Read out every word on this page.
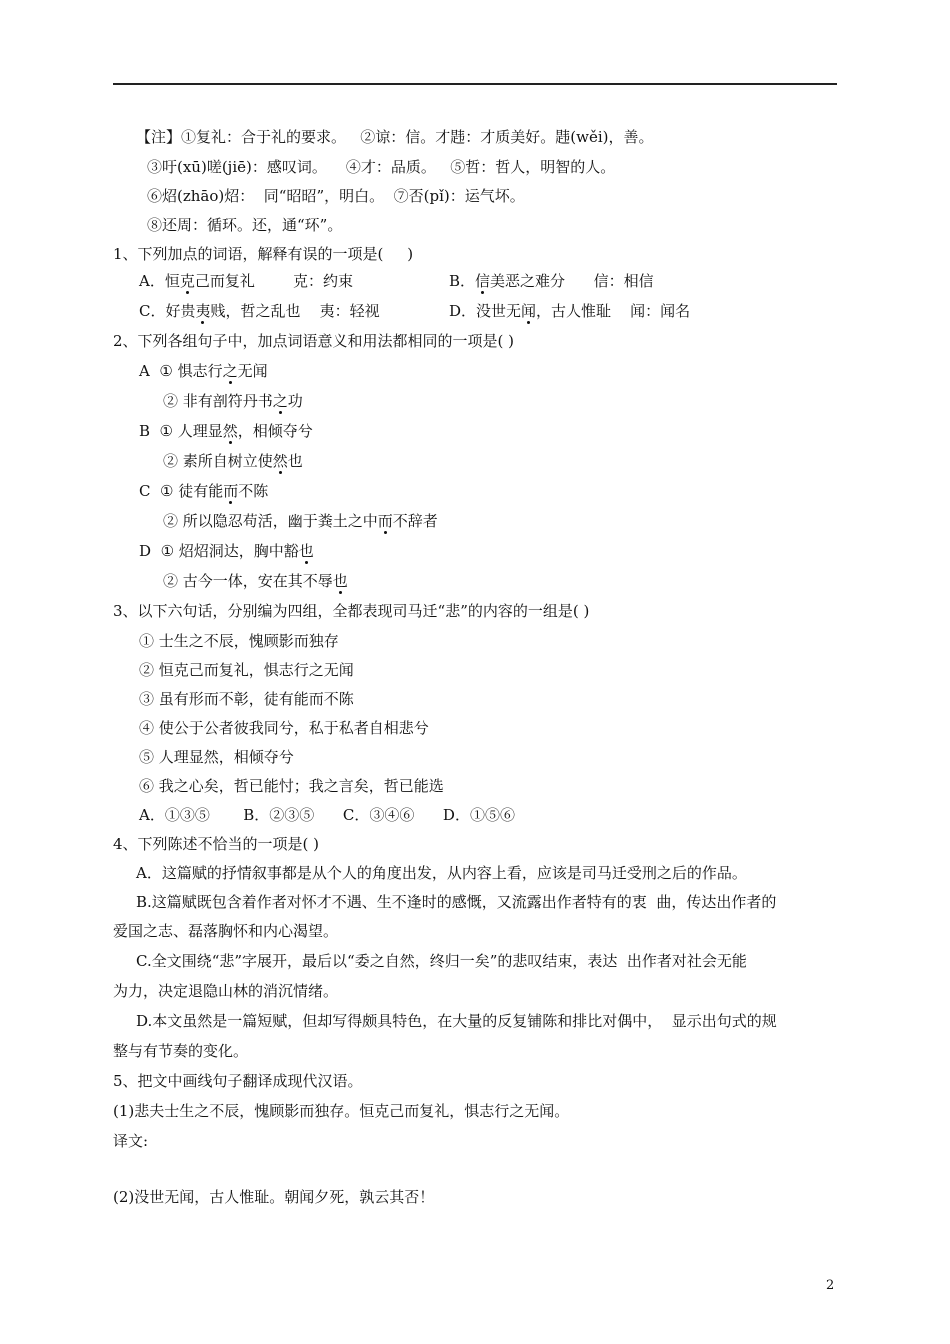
【注】①复礼：合于礼的要求。   ②谅：信。才韪：才质美好。韪(wěi)，善。
③吁(xū)嗟(jiē)：感叹词。    ④才：品质。   ⑤哲：哲人，明智的人。
⑥炤(zhāo)炤：  同“昭昭”，明白。  ⑦否(pǐ)：运气坏。
⑧还周：循环。还，通“环”。
1、下列加点的词语，解释有误的一项是(     )
A．恒克己而复礼        克：约束	B．信美恶之难分      信：相信
C．好贵夷贱，哲之乱也    夷：轻视	D．没世无闻，古人惟耻    闻：闻名
2、下列各组句子中，加点词语意义和用法都相同的一项是( )
A  ① 惧志行之无闻
② 非有剖符丹书之功
B  ① 人理显然，相倾夺兮
② 素所自树立使然也
C  ① 徒有能而不陈
② 所以隐忍苟活，幽于粪土之中而不辞者
D  ① 炤炤洞达，胸中豁也
② 古今一体，安在其不辱也
3、以下六句话，分别编为四组，全都表现司马迁“悲”的内容的一组是( )
① 士生之不辰，愧顾影而独存
② 恒克己而复礼，惧志行之无闻
③ 虽有形而不彰，徒有能而不陈
④ 使公于公者彼我同兮，私于私者自相悲兮
⑤ 人理显然，相倾夺兮
⑥ 我之心矣，哲已能忖；我之言矣，哲已能选
A．①③⑤       B．②③⑤      C．③④⑥      D．①⑤⑥
4、下列陈述不恰当的一项是( )
A．这篇赋的抒情叙事都是从个人的角度出发，从内容上看，应该是司马迁受刑之后的作品。
B.这篇赋既包含着作者对怀才不遇、生不逢时的感慨，又流露出作者特有的衷  曲，传达出作者的
爱国之志、磊落胸怀和内心渴望。
C.全文围绕“悲”字展开，最后以“委之自然，终归一矣”的悲叹结束，表达  出作者对社会无能
为力，决定退隐山林的消沉情绪。
D.本文虽然是一篇短赋，但却写得颇具特色，在大量的反复铺陈和排比对偶中，  显示出句式的规
整与有节奏的变化。
5、把文中画线句子翻译成现代汉语。
(1)悲夫士生之不辰，愧顾影而独存。恒克己而复礼，惧志行之无闻。
译文:
(2)没世无闻，古人惟耻。朝闻夕死，孰云其否！
2
